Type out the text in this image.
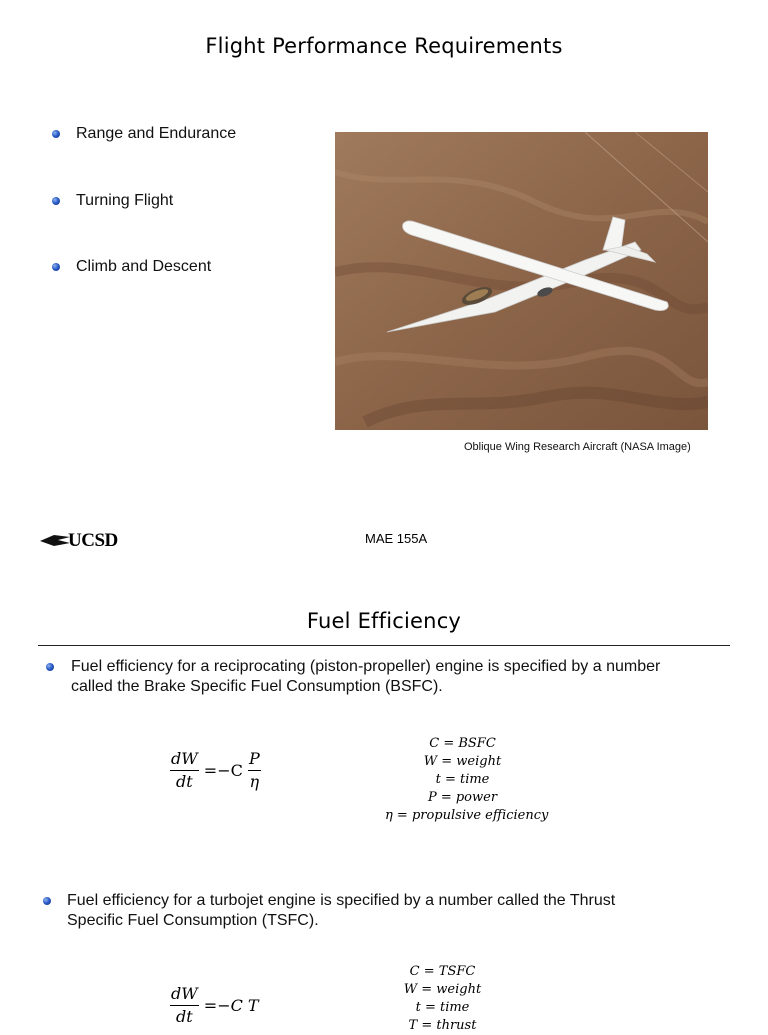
Flight Performance Requirements
Range and Endurance
Turning Flight
Climb and Descent
Oblique Wing Research Aircraft (NASA Image)
UCSD	MAE 155A
Fuel Efficiency
Fuel efficiency for a reciprocating (piston-propeller) engine is specified by a number
called the Brake Specific Fuel Consumption (BSFC).
$\frac{dW}{dt} =-C \frac{P}{\eta}$
C = BSFC
W = weight
t = time
P = power
η = propulsive efficiency
Fuel efficiency for a turbojet engine is specified by a number called the Thrust
Specific Fuel Consumption (TSFC).
$\frac{dW}{dt} =-C$ T
C = TSFC
W = weight
t = time
T = thrust
